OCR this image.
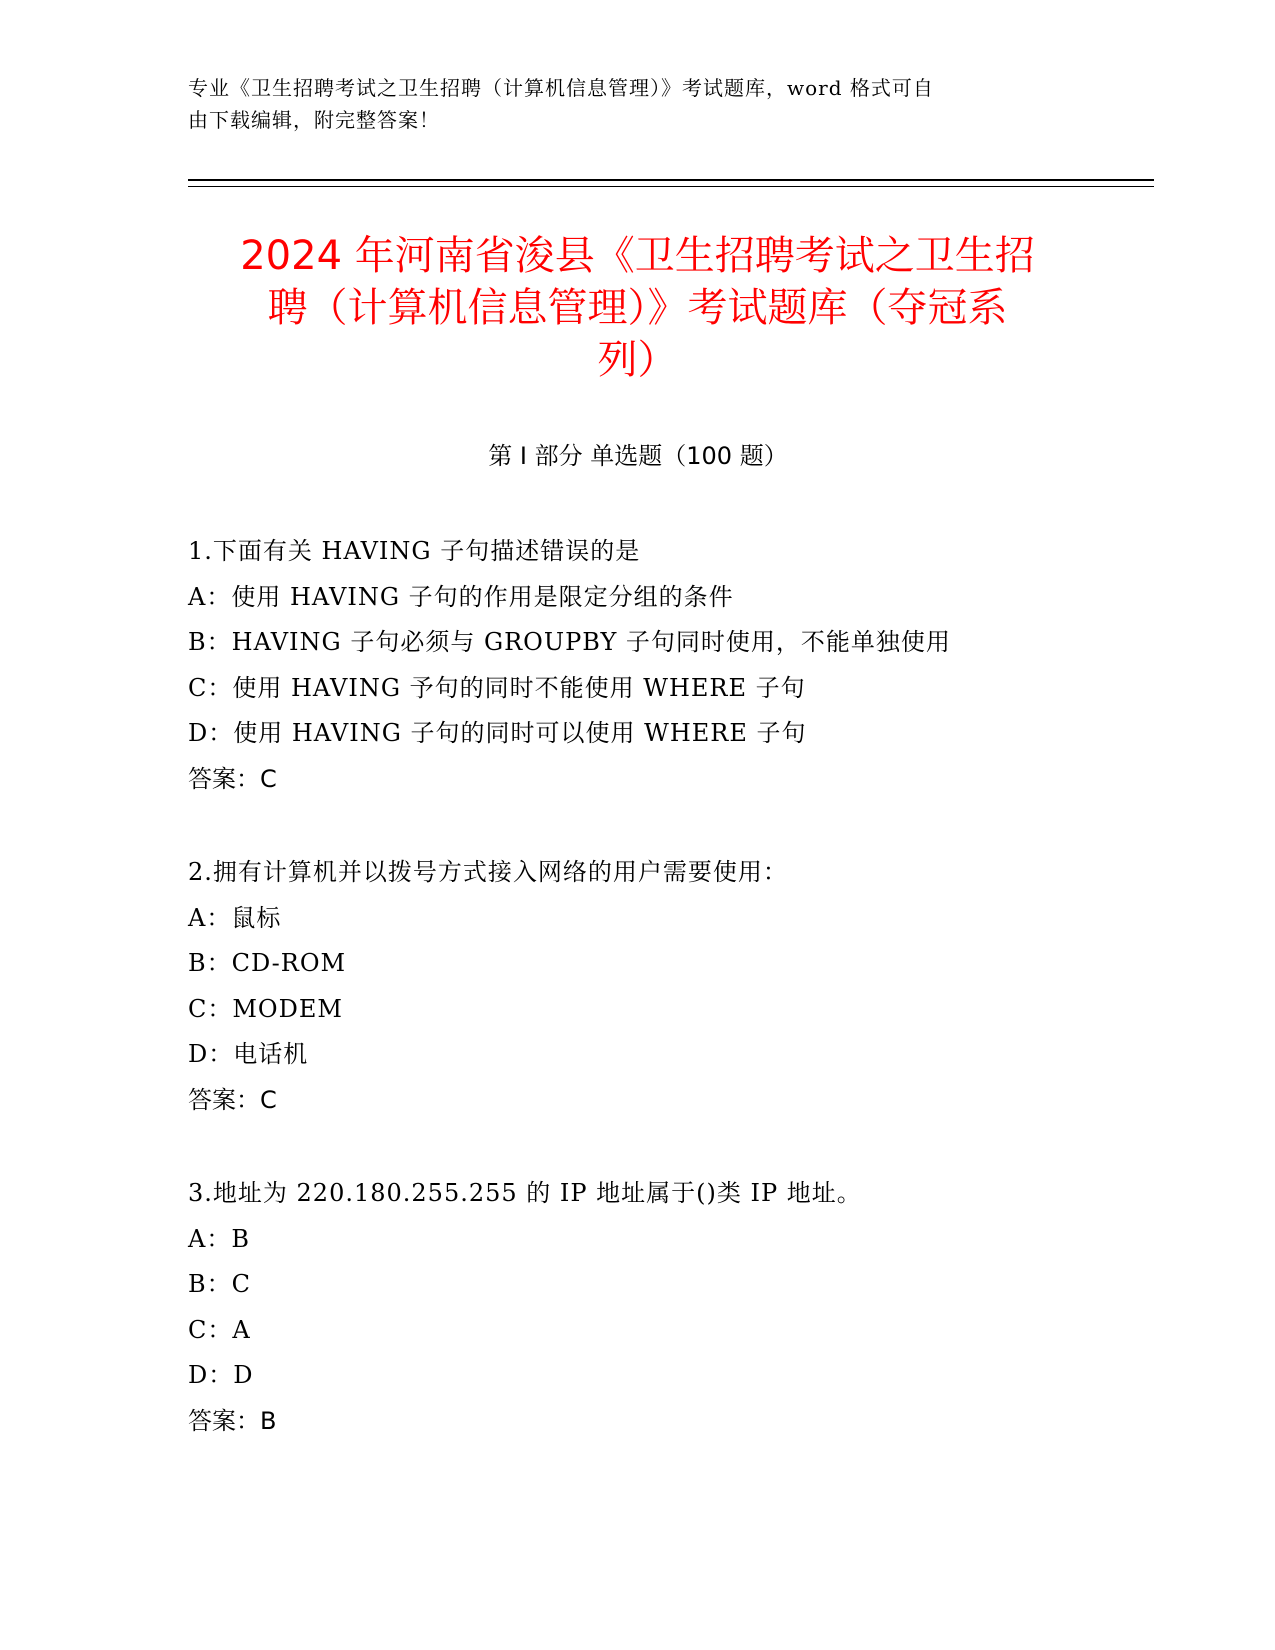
专业《卫生招聘考试之卫生招聘（计算机信息管理）》考试题库，word 格式可自
由下载编辑，附完整答案！
2024 年河南省浚县《卫生招聘考试之卫生招
聘（计算机信息管理）》考试题库（夺冠系
列）
第 I 部分 单选题（100 题）
1.下面有关 HAVING 子句描述错误的是
A：使用 HAVING 子句的作用是限定分组的条件
B：HAVING 子句必须与 GROUPBY 子句同时使用，不能单独使用
C：使用 HAVING 予句的同时不能使用 WHERE 子句
D：使用 HAVING 子句的同时可以使用 WHERE 子句
答案：C
2.拥有计算机并以拨号方式接入网络的用户需要使用：
A：鼠标
B：CD-ROM
C：MODEM
D：电话机
答案：C
3.地址为 220.180.255.255 的 IP 地址属于()类 IP 地址。
A：B
B：C
C：A
D：D
答案：B
